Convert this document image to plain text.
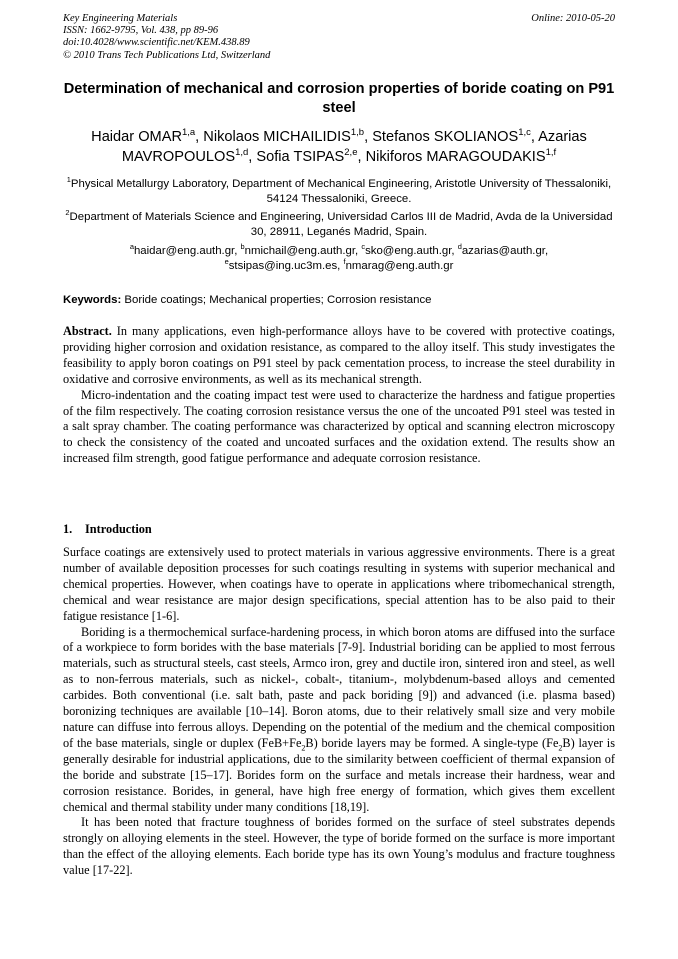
Key Engineering Materials
ISSN: 1662-9795, Vol. 438, pp 89-96
doi:10.4028/www.scientific.net/KEM.438.89
© 2010 Trans Tech Publications Ltd, Switzerland
Online: 2010-05-20
Determination of mechanical and corrosion properties of boride coating on P91 steel
Haidar OMAR$^{1,a}$, Nikolaos MICHAILIDIS$^{1,b}$, Stefanos SKOLIANOS$^{1,c}$, Azarias MAVROPOULOS$^{1,d}$, Sofia TSIPAS$^{2,e}$, Nikiforos MARAGOUDAKIS$^{1,f}$
$^1$Physical Metallurgy Laboratory, Department of Mechanical Engineering, Aristotle University of Thessaloniki, 54124 Thessaloniki, Greece.
$^2$Department of Materials Science and Engineering, Universidad Carlos III de Madrid, Avda de la Universidad 30, 28911, Leganés Madrid, Spain.
$^a$haidar@eng.auth.gr, $^b$nmichail@eng.auth.gr, $^c$sko@eng.auth.gr, $^d$azarias@auth.gr,
$^e$stsipas@ing.uc3m.es, $^f$nmarag@eng.auth.gr
Keywords: Boride coatings; Mechanical properties; Corrosion resistance

Abstract. In many applications, even high-performance alloys have to be covered with protective coatings, providing higher corrosion and oxidation resistance, as compared to the alloy itself. This study investigates the feasibility to apply boron coatings on P91 steel by pack cementation process, to increase the steel durability in oxidative and corrosive environments, as well as its mechanical strength.

Micro-indentation and the coating impact test were used to characterize the hardness and fatigue properties of the film respectively. The coating corrosion resistance versus the one of the uncoated P91 steel was tested in a salt spray chamber. The coating performance was characterized by optical and scanning electron microscopy to check the consistency of the coated and uncoated surfaces and the oxidation extend. The results show an increased film strength, good fatigue performance and adequate corrosion resistance.

1. Introduction

Surface coatings are extensively used to protect materials in various aggressive environments. There is a great number of available deposition processes for such coatings resulting in systems with superior mechanical and chemical properties. However, when coatings have to operate in applications where tribomechanical strength, chemical and wear resistance are major design specifications, special attention has to be also paid to their fatigue resistance [1-6].

Boriding is a thermochemical surface-hardening process, in which boron atoms are diffused into the surface of a workpiece to form borides with the base materials [7-9]. Industrial boriding can be applied to most ferrous materials, such as structural steels, cast steels, Armco iron, grey and ductile iron, sintered iron and steel, as well as to non-ferrous materials, such as nickel-, cobalt-, titanium-, molybdenum-based alloys and cemented carbides. Both conventional (i.e. salt bath, paste and pack boriding [9]) and advanced (i.e. plasma based) boronizing techniques are available [10–14]. Boron atoms, due to their relatively small size and very mobile nature can diffuse into ferrous alloys. Depending on the potential of the medium and the chemical composition of the base materials, single or duplex $(FeB+Fe_2B)$ boride layers may be formed. A single-type $(Fe_2B)$ layer is generally desirable for industrial applications, due to the similarity between coefficient of thermal expansion of the boride and substrate [15–17]. Borides form on the surface and metals increase their hardness, wear and corrosion resistance. Borides, in general, have high free energy of formation, which gives them excellent chemical and thermal stability under many conditions [18,19].

It has been noted that fracture toughness of borides formed on the surface of steel substrates depends strongly on alloying elements in the steel. However, the type of boride formed on the surface is more important than the effect of the alloying elements. Each boride type has its own Young’s modulus and fracture toughness value [17-22].
